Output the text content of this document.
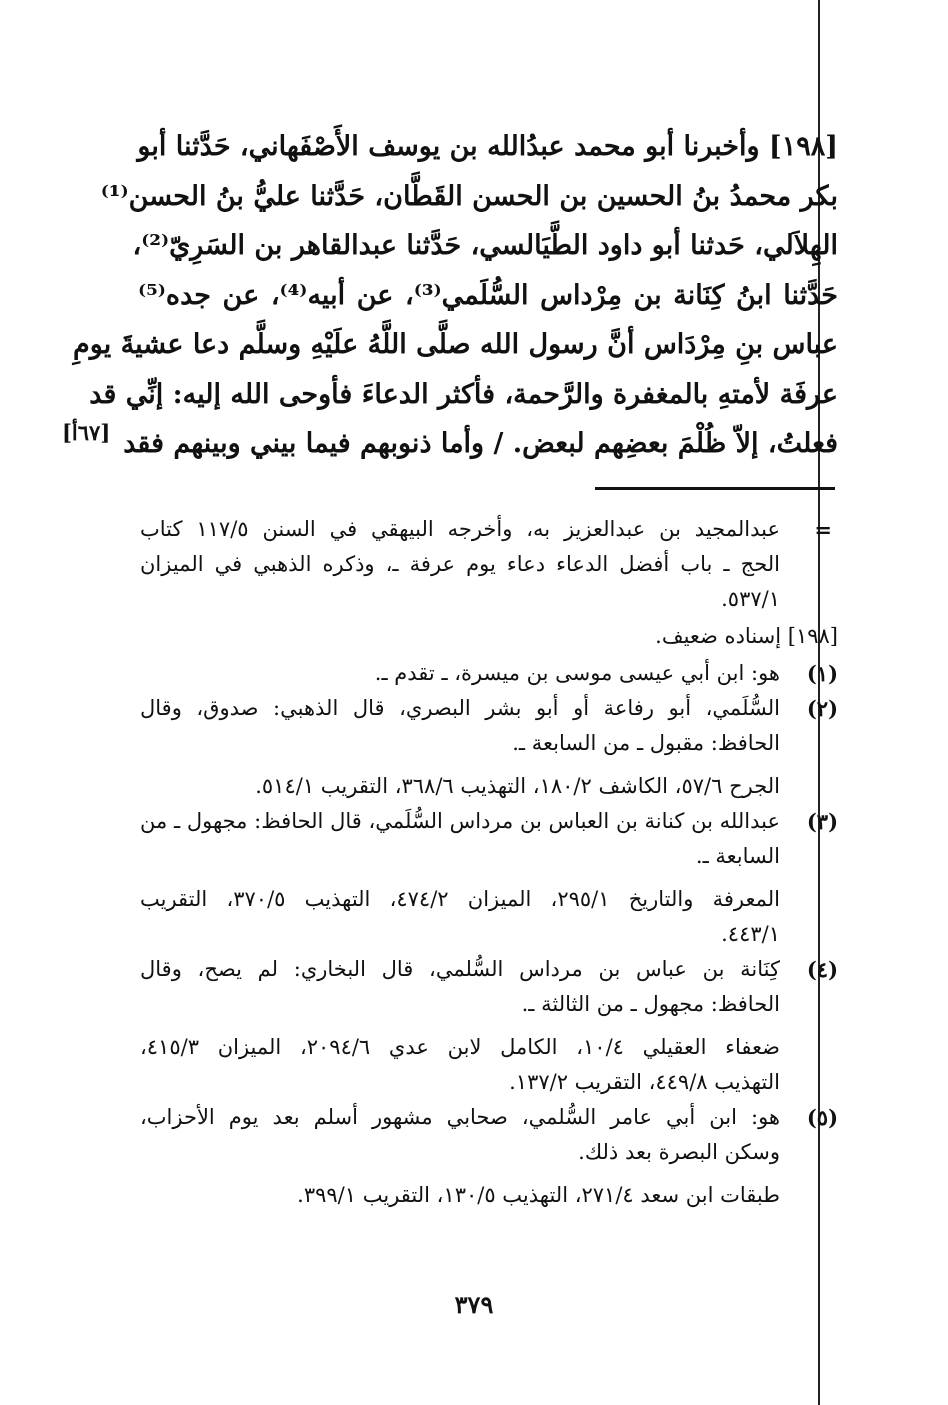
[١٩٨] وأخبرنا أبو محمد عبدُالله بن يوسف الأَصْفَهاني، حَدَّثنا أبو
بكر محمدُ بنُ الحسين بن الحسن القَطَّان، حَدَّثنا عليُّ بنُ الحسن⁽¹⁾
الهِلاَلي، حَدثنا أبو داود الطَّيَالسي، حَدَّثنا عبدالقاهر بن السَرِيّ⁽²⁾،
حَدَّثنا ابنُ كِنَانة بن مِرْداس السُّلَمي⁽³⁾، عن أبيه⁽⁴⁾، عن جده⁽⁵⁾
عباس بنِ مِرْدَاس أنَّ رسول الله صلَّى اللَّهُ علَيْهِ وسلَّم دعا عشيةَ يومِ
عرفَة لأمتهِ بالمغفرة والرَّحمة، فأكثر الدعاءَ فأوحى الله إليه: إنِّي قد
فعلتُ، إلاّ ظُلْمَ بعضِهم لبعض. / وأما ذنوبهم فيما بيني وبينهم فقد
[٦٧أ]
=
عبدالمجيد بن عبدالعزيز به، وأخرجه البيهقي في السنن ١١٧/٥ كتاب
الحج ـ باب أفضل الدعاء دعاء يوم عرفة ـ، وذكره الذهبي في الميزان
٥٣٧/١.
[١٩٨] إسناده ضعيف.
(١)
هو: ابن أبي عيسى موسى بن ميسرة، ـ تقدم ـ.
(٢)
السُّلَمي، أبو رفاعة أو أبو بشر البصري، قال الذهبي: صدوق، وقال
الحافظ: مقبول ـ من السابعة ـ.
الجرح ٥٧/٦، الكاشف ١٨٠/٢، التهذيب ٣٦٨/٦، التقريب ٥١٤/١.
(٣)
عبدالله بن كنانة بن العباس بن مرداس السُّلَمي، قال الحافظ: مجهول ـ من
السابعة ـ.
المعرفة والتاريخ ٢٩٥/١، الميزان ٤٧٤/٢، التهذيب ٣٧٠/٥، التقريب
٤٤٣/١.
(٤)
كِنَانة بن عباس بن مرداس السُّلمي، قال البخاري: لم يصح، وقال
الحافظ: مجهول ـ من الثالثة ـ.
ضعفاء العقيلي ١٠/٤، الكامل لابن عدي ٢٠٩٤/٦، الميزان ٤١٥/٣،
التهذيب ٤٤٩/٨، التقريب ١٣٧/٢.
(٥)
هو: ابن أبي عامر السُّلمي، صحابي مشهور أسلم بعد يوم الأحزاب،
وسكن البصرة بعد ذلك.
طبقات ابن سعد ٢٧١/٤، التهذيب ١٣٠/٥، التقريب ٣٩٩/١.
٣٧٩
